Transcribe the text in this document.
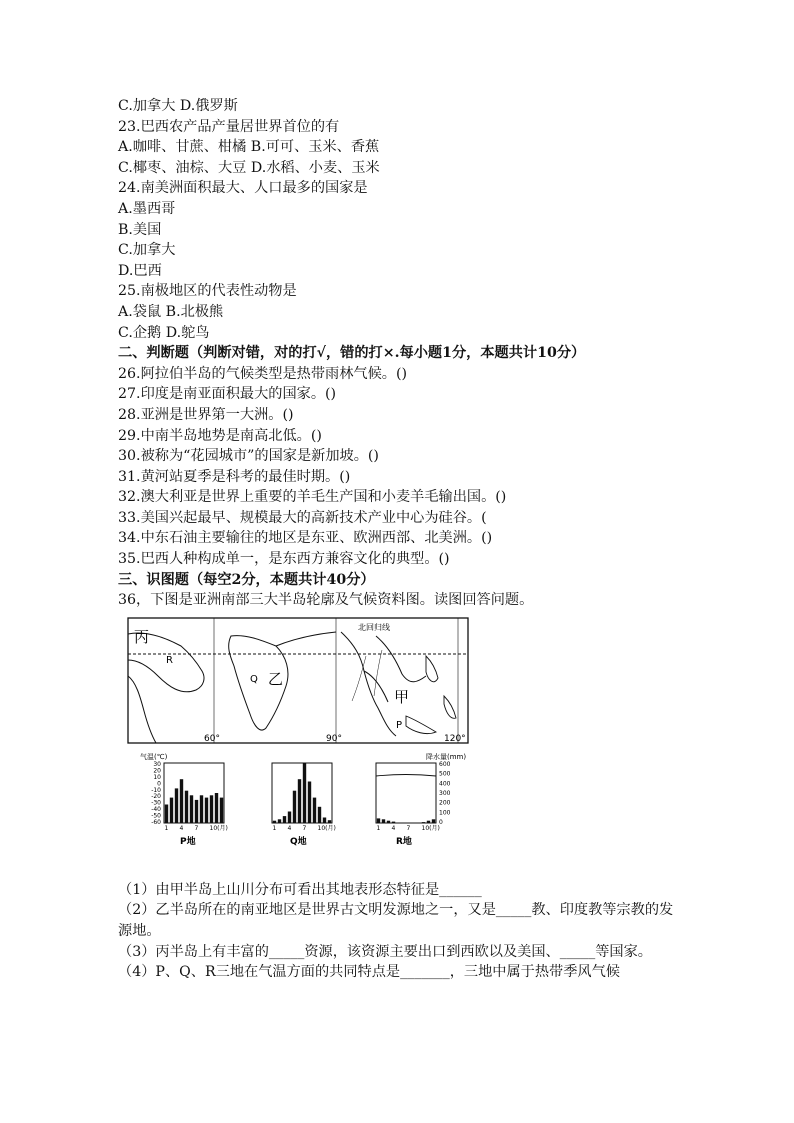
C.加拿大 D.俄罗斯
23.巴西农产品产量居世界首位的有
A.咖啡、甘蔗、柑橘 B.可可、玉米、香蕉
C.椰枣、油棕、大豆 D.水稻、小麦、玉米
24.南美洲面积最大、人口最多的国家是
A.墨西哥
B.美国
C.加拿大
D.巴西
25.南极地区的代表性动物是
A.袋鼠 B.北极熊
C.企鹅 D.鸵鸟
二、判断题（判断对错，对的打√，错的打×.每小题1分，本题共计10分）
26.阿拉伯半岛的气候类型是热带雨林气候。()
27.印度是南亚面积最大的国家。()
28.亚洲是世界第一大洲。()
29.中南半岛地势是南高北低。()
30.被称为“花园城市”的国家是新加坡。()
31.黄河站夏季是科考的最佳时期。()
32.澳大利亚是世界上重要的羊毛生产国和小麦羊毛输出国。()
33.美国兴起最早、规模最大的高新技术产业中心为硅谷。(
34.中东石油主要输往的地区是东亚、欧洲西部、北美洲。()
35.巴西人种构成单一，是东西方兼容文化的典型。()
三、识图题（每空2分，本题共计40分）
36，下图是亚洲南部三大半岛轮廓及气候资料图。读图回答问题。
丙
乙
甲
R
Q
P
北回归线
60°	90°	120°
气温(℃)	降水量(mm)
30
20
10
0
-10
-20
-30
-40
-50
-60
1 4 7 10(月)
P地
1 4 7 10(月)
Q地
600
500
400
300
200
100
0
1 4 7 10(月)
R地
（1）由甲半岛上山川分布可看出其地表形态特征是______
（2）乙半岛所在的南亚地区是世界古文明发源地之一，又是_____教、印度教等宗教的发源地。
（3）丙半岛上有丰富的_____资源，该资源主要出口到西欧以及美国、_____等国家。
（4）P、Q、R三地在气温方面的共同特点是_______，三地中属于热带季风气候
